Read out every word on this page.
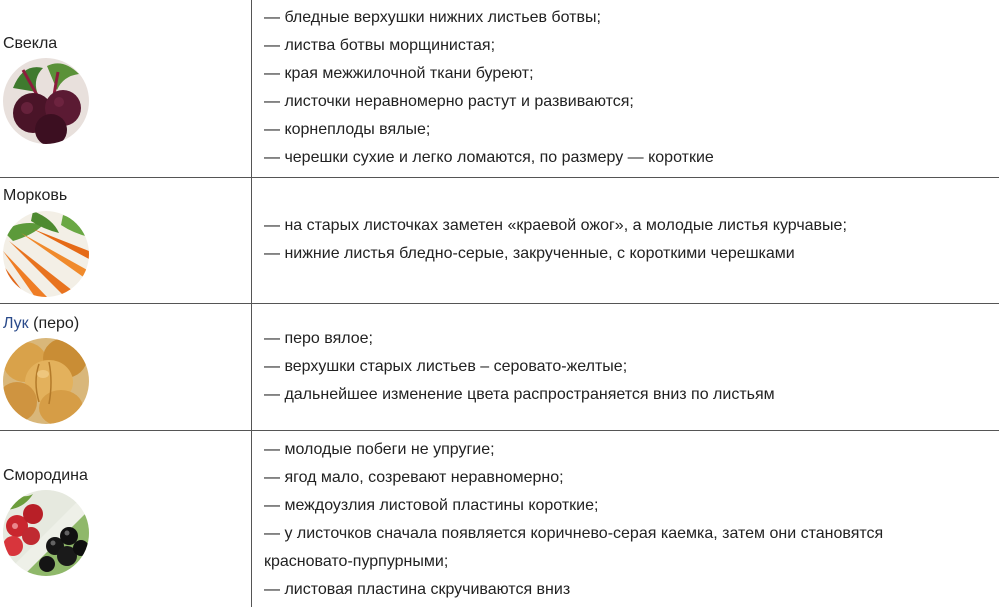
Свекла
— бледные верхушки нижних листьев ботвы;
— листва ботвы морщинистая;
— края межжилочной ткани буреют;
— листочки неравномерно растут и развиваются;
— корнеплоды вялые;
— черешки сухие и легко ломаются, по размеру — короткие
Морковь
— на старых листочках заметен «краевой ожог», а молодые листья курчавые;
— нижние листья бледно-серые, закрученные, с короткими черешками
Лук (перо)
— перо вялое;
— верхушки старых листьев – серовато-желтые;
— дальнейшее изменение цвета распространяется вниз по листьям
Смородина
— молодые побеги не упругие;
— ягод мало, созревают неравномерно;
— междоузлия листовой пластины короткие;
— у листочков сначала появляется коричнево-серая каемка, затем они становятся
красновато-пурпурными;
— листовая пластина скручиваются вниз
